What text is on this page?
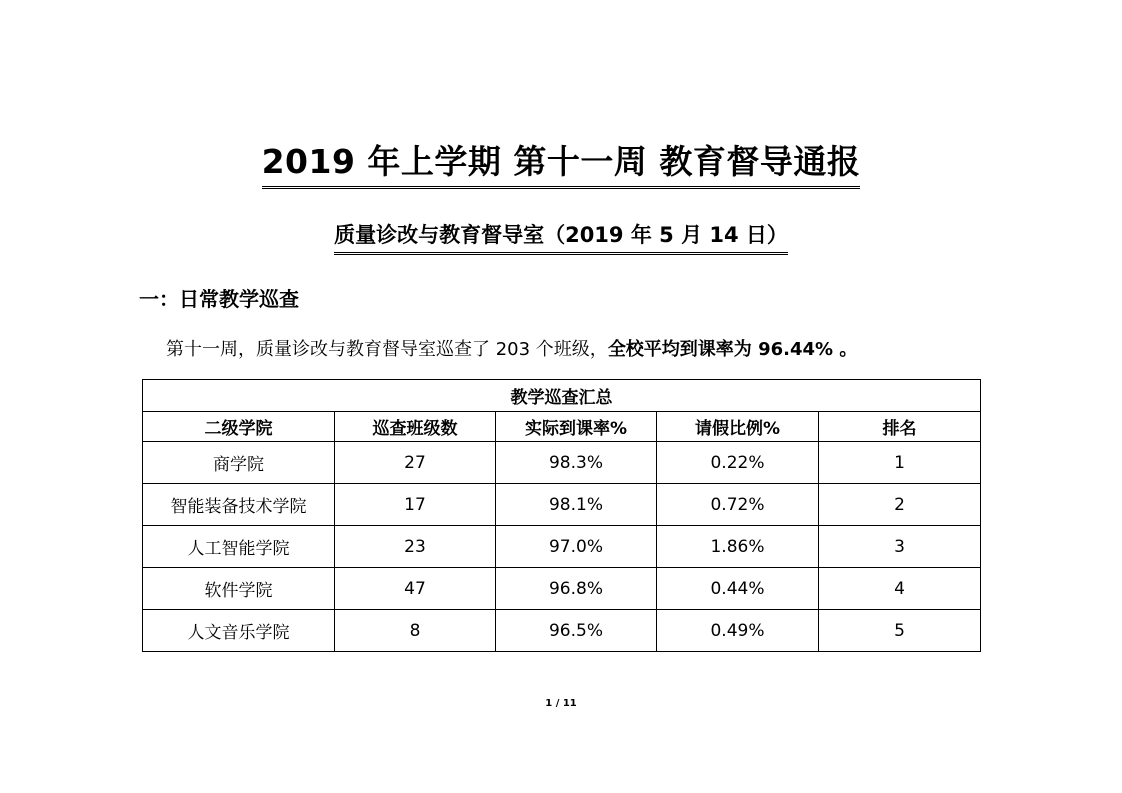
2019 年上学期 第十一周 教育督导通报
质量诊改与教育督导室（2019 年 5 月 14 日）
一：日常教学巡查
第十一周，质量诊改与教育督导室巡查了 203 个班级，全校平均到课率为 96.44% 。
教学巡查汇总				
二级学院	巡查班级数	实际到课率%	请假比例%	排名
商学院	27	98.3%	0.22%	1
智能装备技术学院	17	98.1%	0.72%	2
人工智能学院	23	97.0%	1.86%	3
软件学院	47	96.8%	0.44%	4
人文音乐学院	8	96.5%	0.49%	5
1 / 11
